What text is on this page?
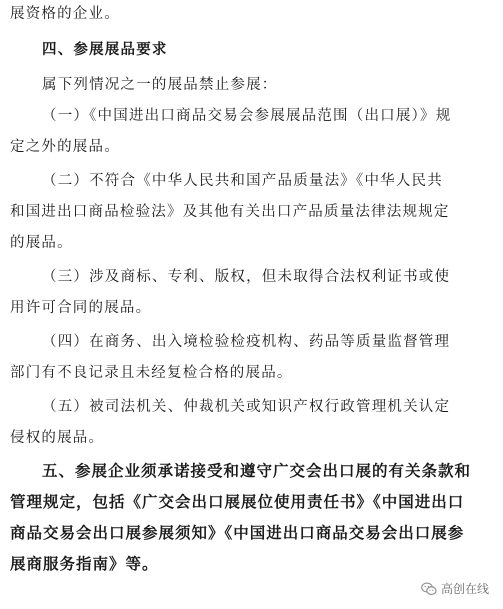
展资格的企业。
四、参展展品要求
属下列情况之一的展品禁止参展：
（一）《中国进出口商品交易会参展展品范围（出口展）》规
定之外的展品。
（二）不符合《中华人民共和国产品质量法》《中华人民共
和国进出口商品检验法》及其他有关出口产品质量法律法规规定
的展品。
（三）涉及商标、专利、版权，但未取得合法权利证书或使
用许可合同的展品。
（四）在商务、出入境检验检疫机构、药品等质量监督管理
部门有不良记录且未经复检合格的展品。
（五）被司法机关、仲裁机关或知识产权行政管理机关认定
侵权的展品。
五、参展企业须承诺接受和遵守广交会出口展的有关条款和
管理规定，包括《广交会出口展展位使用责任书》《中国进出口
商品交易会出口展参展须知》《中国进出口商品交易会出口展参
展商服务指南》等。
高创在线
